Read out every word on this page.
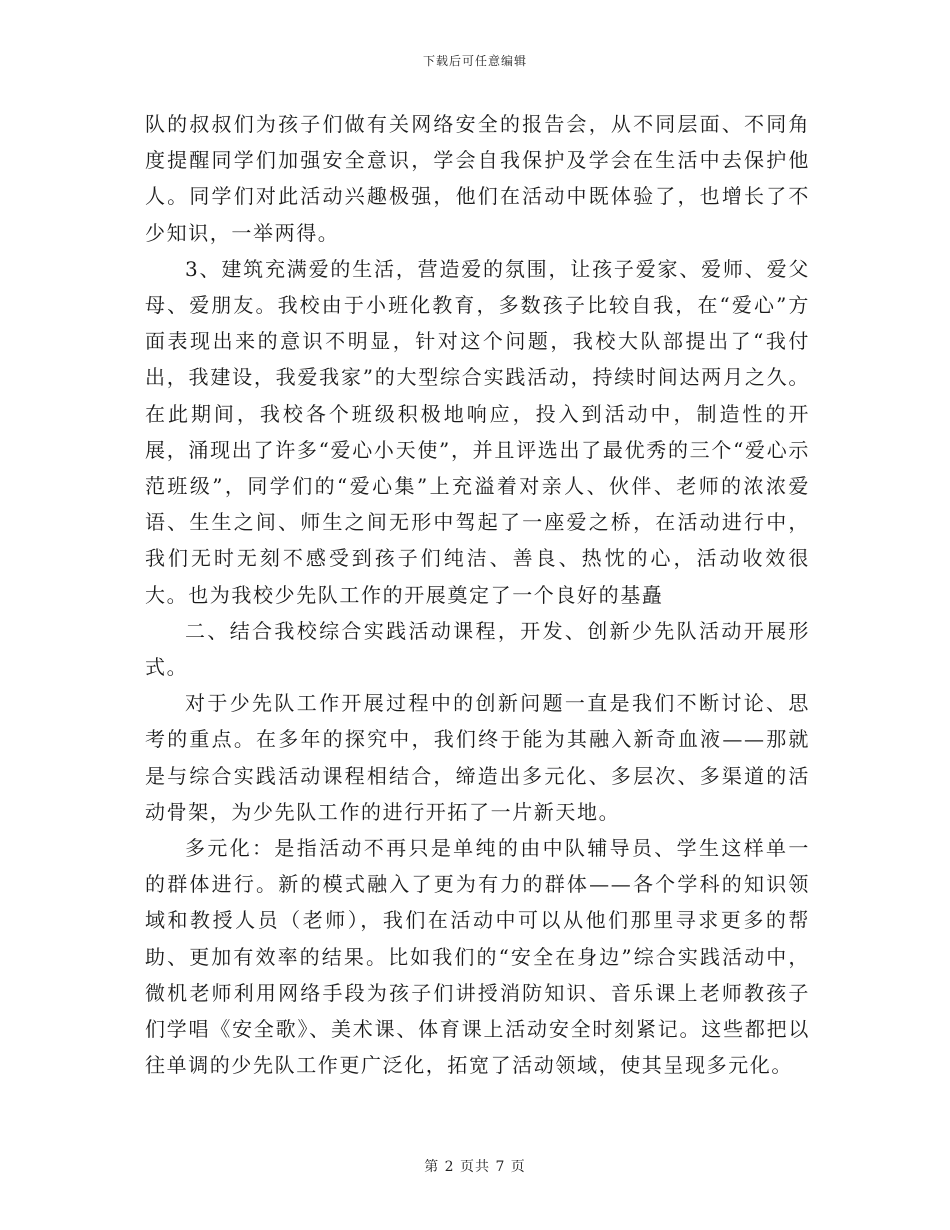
下载后可任意编辑

队的叔叔们为孩子们做有关网络安全的报告会，从不同层面、不同角度提醒同学们加强安全意识，学会自我保护及学会在生活中去保护他人。同学们对此活动兴趣极强，他们在活动中既体验了，也增长了不少知识，一举两得。

3、建筑充满爱的生活，营造爱的氛围，让孩子爱家、爱师、爱父母、爱朋友。我校由于小班化教育，多数孩子比较自我，在“爱心”方面表现出来的意识不明显，针对这个问题，我校大队部提出了“我付出，我建设，我爱我家”的大型综合实践活动，持续时间达两月之久。在此期间，我校各个班级积极地响应，投入到活动中，制造性的开展，涌现出了许多“爱心小天使”，并且评选出了最优秀的三个“爱心示范班级”，同学们的“爱心集”上充溢着对亲人、伙伴、老师的浓浓爱语、生生之间、师生之间无形中驾起了一座爱之桥，在活动进行中，我们无时无刻不感受到孩子们纯洁、善良、热忱的心，活动收效很大。也为我校少先队工作的开展奠定了一个良好的基矗

二、结合我校综合实践活动课程，开发、创新少先队活动开展形式。

对于少先队工作开展过程中的创新问题一直是我们不断讨论、思考的重点。在多年的探究中，我们终于能为其融入新奇血液——那就是与综合实践活动课程相结合，缔造出多元化、多层次、多渠道的活动骨架，为少先队工作的进行开拓了一片新天地。

多元化：是指活动不再只是单纯的由中队辅导员、学生这样单一的群体进行。新的模式融入了更为有力的群体——各个学科的知识领域和教授人员（老师），我们在活动中可以从他们那里寻求更多的帮助、更加有效率的结果。比如我们的“安全在身边”综合实践活动中，微机老师利用网络手段为孩子们讲授消防知识、音乐课上老师教孩子们学唱《安全歌》、美术课、体育课上活动安全时刻紧记。这些都把以往单调的少先队工作更广泛化，拓宽了活动领域，使其呈现多元化。

第 2 页共 7 页
